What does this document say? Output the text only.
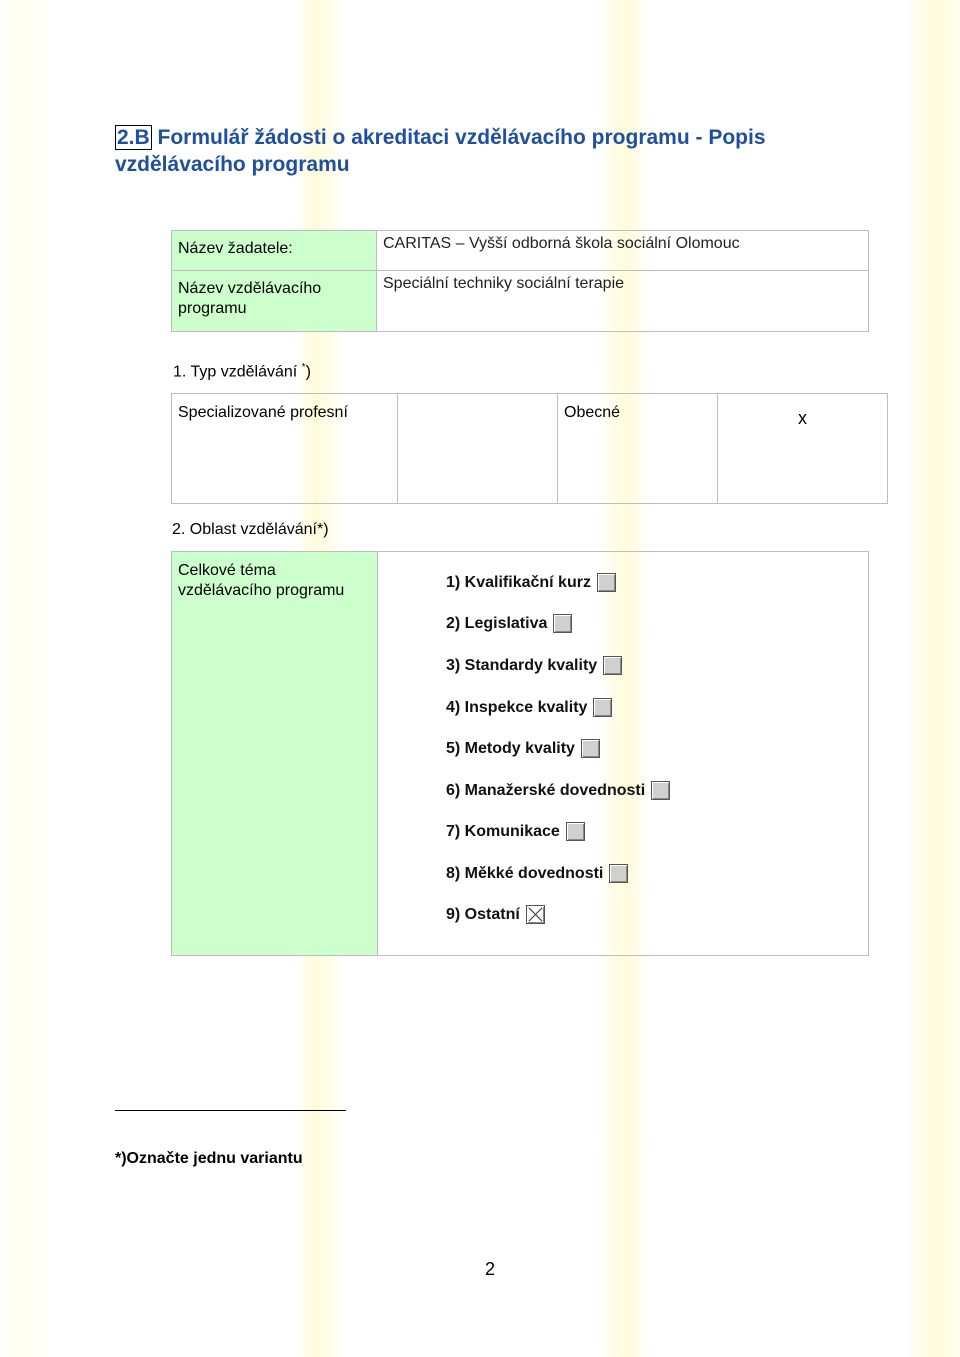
2.B Formulář žádosti o akreditaci vzdělávacího programu - Popis vzdělávacího programu
Název žadatele:	CARITAS – Vyšší odborná škola sociální Olomouc
Název vzdělávacího programu	Speciální techniky sociální terapie
1. Typ vzdělávání *)
Specializované profesní		Obecné	x
2. Oblast vzdělávání*)
Celkové téma vzdělávacího programu	1) Kvalifikační kurz
2) Legislativa
3) Standardy kvality
4) Inspekce kvality
5) Metody kvality
6) Manažerské dovednosti
7) Komunikace
8) Měkké dovednosti
9) Ostatní
*)Označte jednu variantu
2
